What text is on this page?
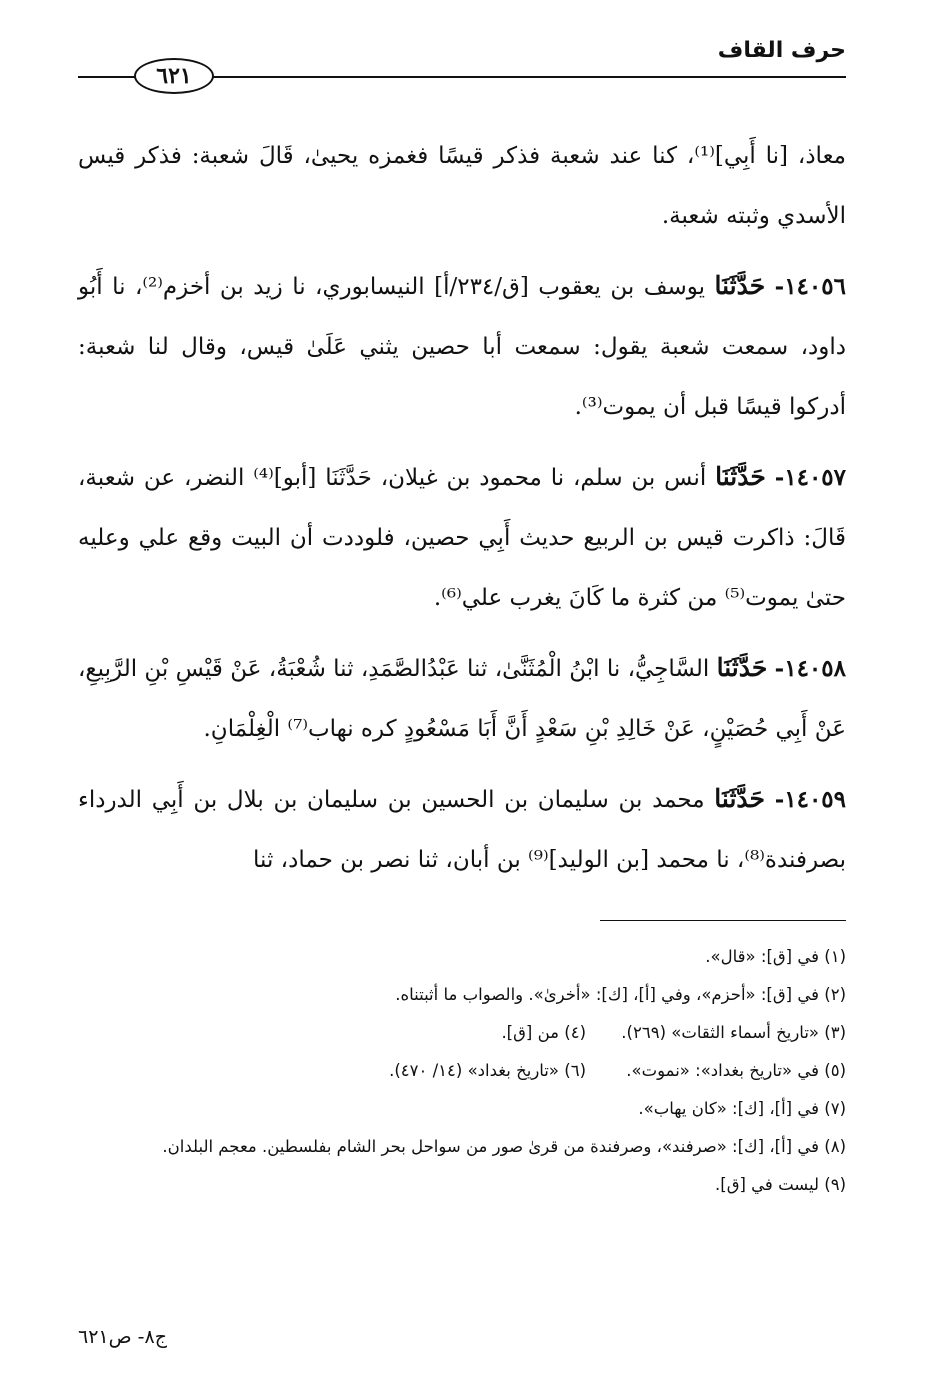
حرف القاف
٦٢١

معاذ، [نا أَبِي]⁽¹⁾، كنا عند شعبة فذكر قيسًا فغمزه يحيىٰ، قَالَ شعبة: فذكر قيس الأسدي وثبته شعبة.

١٤٠٥٦- حَدَّثَنَا يوسف بن يعقوب [ق/٢٣٤/أ] النيسابوري، نا زيد بن أخزم⁽²⁾، نا أَبُو داود، سمعت شعبة يقول: سمعت أبا حصين يثني عَلَىٰ قيس، وقال لنا شعبة: أدركوا قيسًا قبل أن يموت⁽³⁾.

١٤٠٥٧- حَدَّثَنَا أنس بن سلم، نا محمود بن غيلان، حَدَّثَنَا [أبو]⁽⁴⁾ النضر، عن شعبة، قَالَ: ذاكرت قيس بن الربيع حديث أَبِي حصين، فلوددت أن البيت وقع علي وعليه حتىٰ يموت⁽⁵⁾ من كثرة ما كَانَ يغرب علي⁽⁶⁾.

١٤٠٥٨- حَدَّثَنَا السَّاجِيُّ، نا ابْنُ الْمُثَنَّىٰ، ثنا عَبْدُالصَّمَدِ، ثنا شُعْبَةُ، عَنْ قَيْسِ بْنِ الرَّبِيعِ، عَنْ أَبِي حُصَيْنٍ، عَنْ خَالِدِ بْنِ سَعْدٍ أَنَّ أَبَا مَسْعُودٍ كره نهاب⁽⁷⁾ الْغِلْمَانِ.

١٤٠٥٩- حَدَّثَنَا محمد بن سليمان بن الحسين بن سليمان بن بلال بن أَبِي الدرداء بصرفندة⁽⁸⁾، نا محمد [بن الوليد]⁽⁹⁾ بن أبان، ثنا نصر بن حماد، ثنا

(١) في [ق]: «قال».

(٢) في [ق]: «أحزم»، وفي [أ]، [ك]: «أخرىٰ». والصواب ما أثبتناه.

(٣) «تاريخ أسماء الثقات» (٢٦٩).

(٤) من [ق].

(٥) في «تاريخ بغداد»: «نموت».

(٦) «تاريخ بغداد» (١٤/ ٤٧٠).

(٧) في [أ]، [ك]: «كان يهاب».

(٨) في [أ]، [ك]: «صرفند»، وصرفندة من قرىٰ صور من سواحل بحر الشام بفلسطين. معجم البلدان.

(٩) ليست في [ق].

ج٨- ص٦٢١
